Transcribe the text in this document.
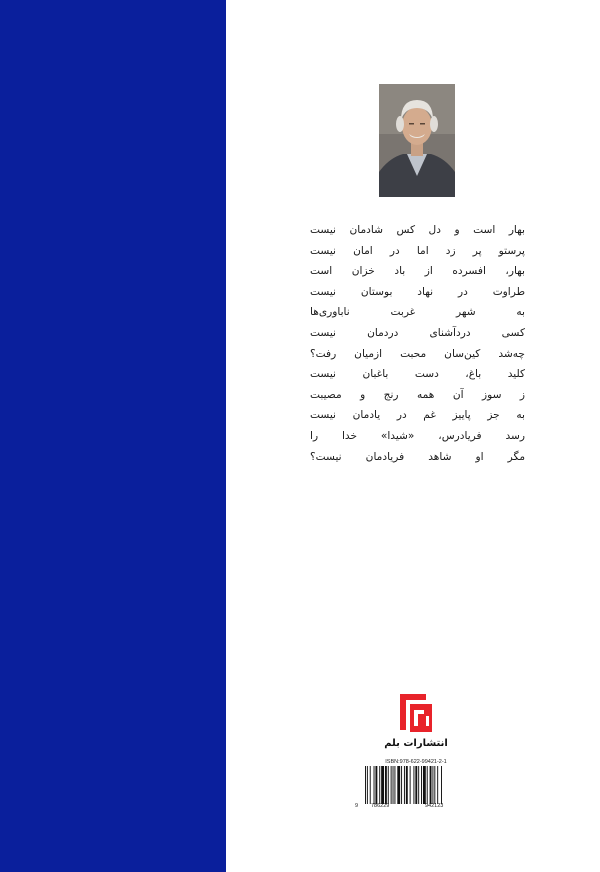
بهار است و دل کس شادمان نیست
پرستو پر زد اما در امان نیست
بهار، افسرده از باد خزان است
طراوت در نهاد بوستان نیست
به شهر غربت ناباوری‌ها
کسی دردآشنای دردمان نیست
چه‌شد کین‌سان محبت ازمیان رفت؟
کلید باغ، دست باغبان نیست
ز سوز آن همه رنج و مصیبت
به جز پاییز غم در یادمان نیست
رسد فریادرس، «شیدا» خدا را
مگر او شاهد فریادمان نیست؟
انتشارات بلم
ISBN:978-622-99421-2-1
9 786229	942123
